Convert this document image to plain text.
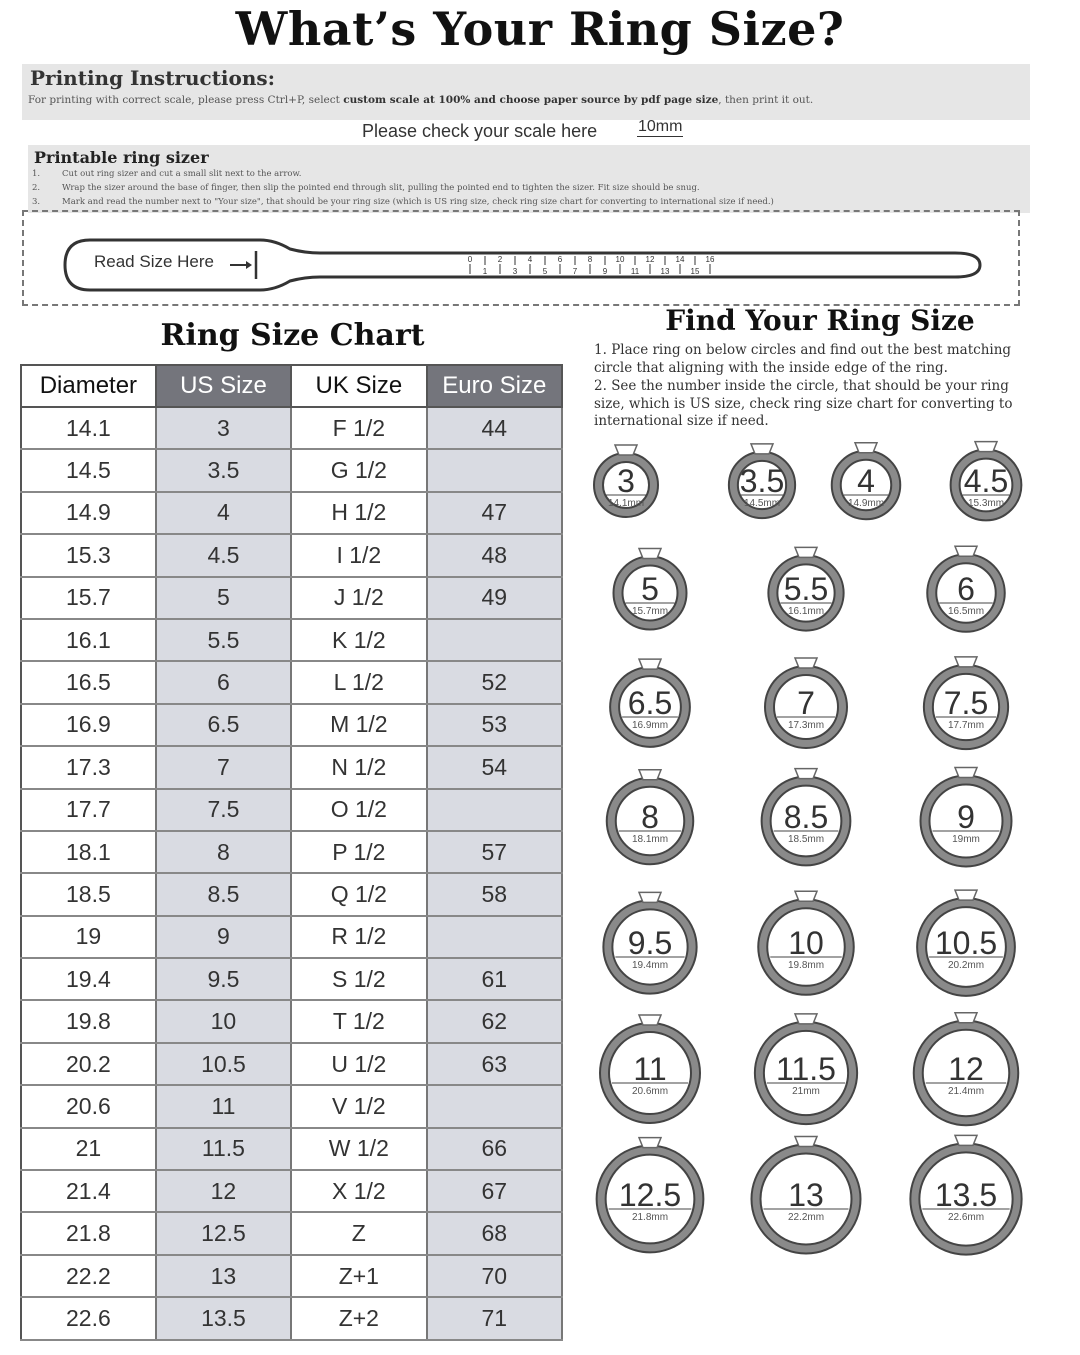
What’s Your Ring Size?
Printing Instructions:
For printing with correct scale, please press Ctrl+P, select custom scale at 100% and choose paper source by pdf page size, then print it out.
Please check your scale here	10mm
Printable ring sizer
1.	Cut out ring sizer and cut a small slit next to the arrow.
2.	Wrap the sizer around the base of finger, then slip the pointed end through slit, pulling the pointed end to tighten the sizer. Fit size should be snug.
3.	Mark and read the number next to "Your size", that should be your ring size (which is US ring size, check ring size chart for converting to international size if need.)
0	2	4	6	8	10	12	14	16
1	3	5	7	9	11	13	15
Read Size Here
Ring Size Chart
Diameter	US Size	UK Size	Euro Size
14.1	3	F 1/2	44
14.5	3.5	G 1/2	
14.9	4	H 1/2	47
15.3	4.5	I 1/2	48
15.7	5	J 1/2	49
16.1	5.5	K 1/2	
16.5	6	L 1/2	52
16.9	6.5	M 1/2	53
17.3	7	N 1/2	54
17.7	7.5	O 1/2	
18.1	8	P 1/2	57
18.5	8.5	Q 1/2	58
19	9	R 1/2	
19.4	9.5	S 1/2	61
19.8	10	T 1/2	62
20.2	10.5	U 1/2	63
20.6	11	V 1/2	
21	11.5	W 1/2	66
21.4	12	X 1/2	67
21.8	12.5	Z	68
22.2	13	Z+1	70
22.6	13.5	Z+2	71
Find Your Ring Size
1. Place ring on below circles and find out the best matching circle that aligning with the inside edge of the ring.
2. See the number inside the circle, that should be your ring size, which is US size, check ring size chart for converting to international size if need.
3
14.1mm
3.5
14.5mm
4
14.9mm
4.5
15.3mm
5
15.7mm
5.5
16.1mm
6
16.5mm
6.5
16.9mm
7
17.3mm
7.5
17.7mm
8
18.1mm
8.5
18.5mm
9
19mm
9.5
19.4mm
10
19.8mm
10.5
20.2mm
11
20.6mm
11.5
21mm
12
21.4mm
12.5
21.8mm
13
22.2mm
13.5
22.6mm
